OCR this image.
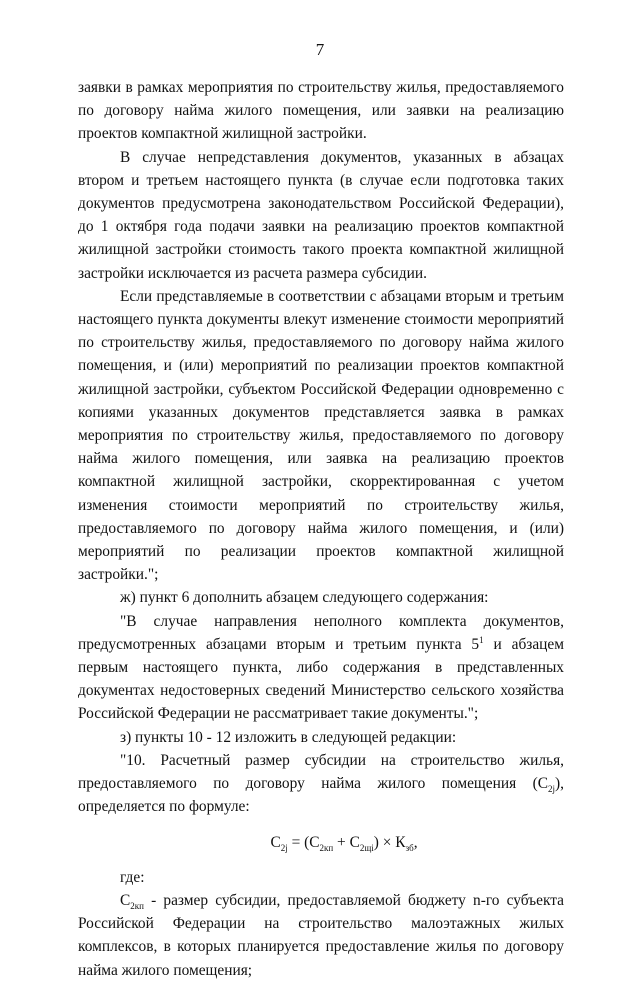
7

заявки в рамках мероприятия по строительству жилья, предоставляемого по договору найма жилого помещения, или заявки на реализацию проектов компактной жилищной застройки.

В случае непредставления документов, указанных в абзацах втором и третьем настоящего пункта (в случае если подготовка таких документов предусмотрена законодательством Российской Федерации), до 1 октября года подачи заявки на реализацию проектов компактной жилищной застройки стоимость такого проекта компактной жилищной застройки исключается из расчета размера субсидии.

Если представляемые в соответствии с абзацами вторым и третьим настоящего пункта документы влекут изменение стоимости мероприятий по строительству жилья, предоставляемого по договору найма жилого помещения, и (или) мероприятий по реализации проектов компактной жилищной застройки, субъектом Российской Федерации одновременно с копиями указанных документов представляется заявка в рамках мероприятия по строительству жилья, предоставляемого по договору найма жилого помещения, или заявка на реализацию проектов компактной жилищной застройки, скорректированная с учетом изменения стоимости мероприятий по строительству жилья, предоставляемого по договору найма жилого помещения, и (или) мероприятий по реализации проектов компактной жилищной застройки.";

ж) пункт 6 дополнить абзацем следующего содержания:

"В случае направления неполного комплекта документов, предусмотренных абзацами вторым и третьим пункта $5^1$ и абзацем первым настоящего пункта, либо содержания в представленных документах недостоверных сведений Министерство сельского хозяйства Российской Федерации не рассматривает такие документы.";

з) пункты 10 - 12 изложить в следующей редакции:

"10. Расчетный размер субсидии на строительство жилья, предоставляемого по договору найма жилого помещения $(С_{2j})$, определяется по формуле:

$С_{2j} = (С_{2кп} + С_{2щі}) \times К_{зб}$,

где:

$С_{2кп}$ - размер субсидии, предоставляемой бюджету n-го субъекта Российской Федерации на строительство малоэтажных жилых комплексов, в которых планируется предоставление жилья по договору найма жилого помещения;
